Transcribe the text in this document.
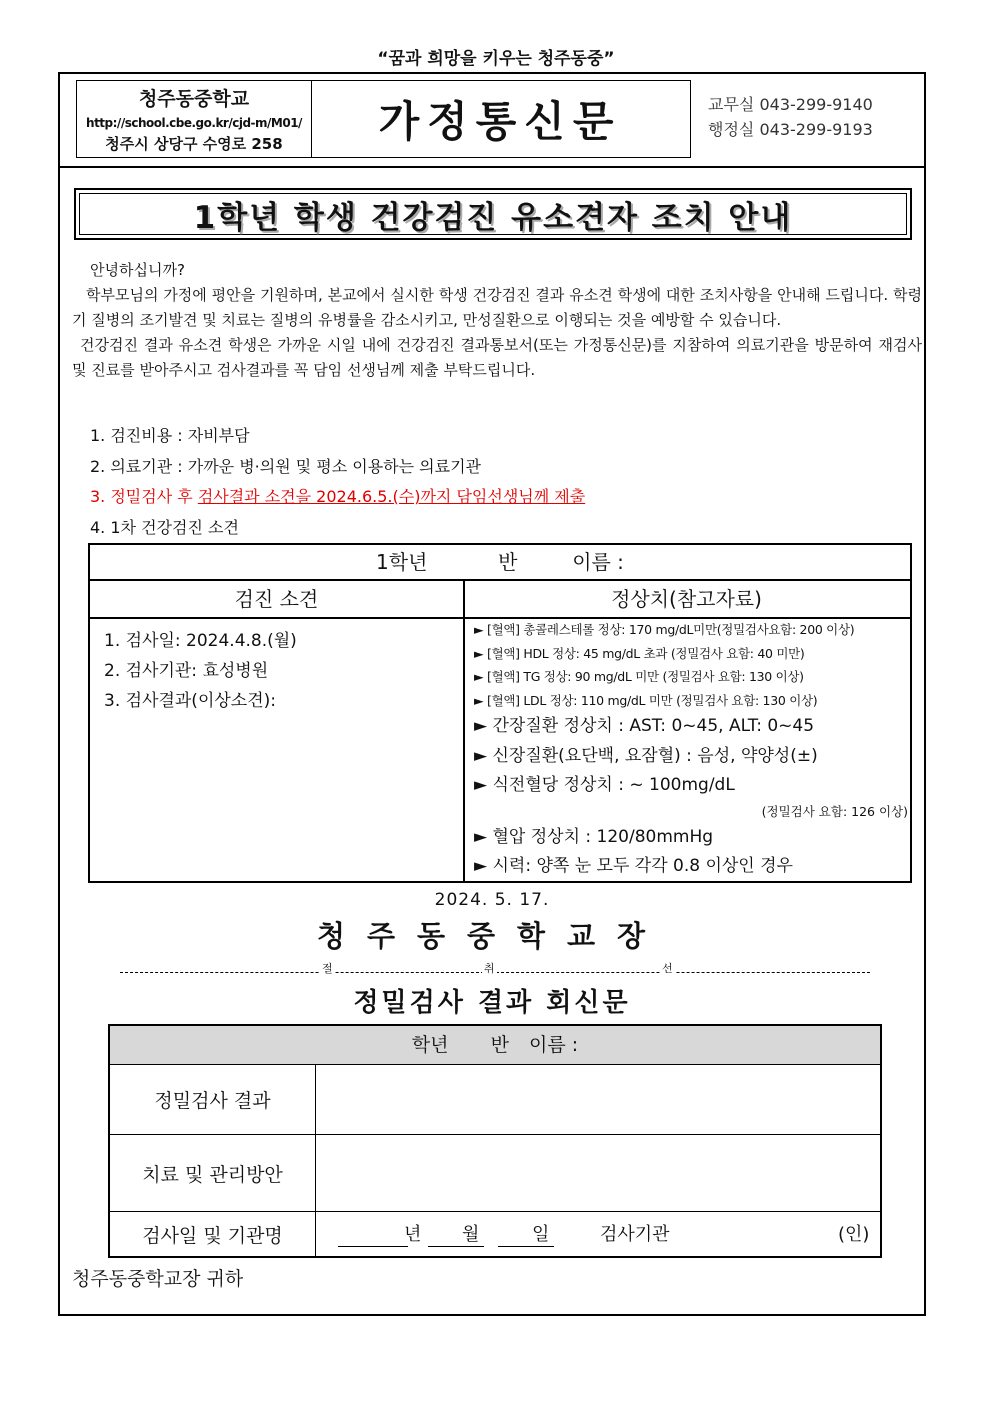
“꿈과 희망을 키우는 청주동중”
청주동중학교
http://school.cbe.go.kr/cjd-m/M01/
청주시 상당구 수영로 258	가정통신문	교무실 043-299-9140
행정실 043-299-9193
1학년 학생 건강검진 유소견자 조치 안내

안녕하십니까?

학부모님의 가정에 평안을 기원하며, 본교에서 실시한 학생 건강검진 결과 유소견 학생에 대한 조치사항을 안내해 드립니다. 학령기 질병의 조기발견 및 치료는 질병의 유병률을 감소시키고, 만성질환으로 이행되는 것을 예방할 수 있습니다.

건강검진 결과 유소견 학생은 가까운 시일 내에 건강검진 결과통보서(또는 가정통신문)를 지참하여 의료기관을 방문하여 재검사 및 진료를 받아주시고 검사결과를 꼭 담임 선생님께 제출 부탁드립니다.

1. 검진비용 : 자비부담
2. 의료기관 : 가까운 병·의원 및 평소 이용하는 의료기관
3. 정밀검사 후 검사결과 소견을 2024.6.5.(수)까지 담임선생님께 제출
4. 1차 건강검진 소견
1학년	반	이름 :
검진 소견	정상치(참고자료)
1. 검사일: 2024.4.8.(월)
2. 검사기관: 효성병원
3. 검사결과(이상소견):
► [혈액] 총콜레스테롤 정상: 170 mg/dL미만(정밀검사요함: 200 이상)
► [혈액] HDL 정상: 45 mg/dL 초과 (정밀검사 요함: 40 미만)
► [혈액] TG 정상: 90 mg/dL 미만 (정밀검사 요함: 130 이상)
► [혈액] LDL 정상: 110 mg/dL 미만 (정밀검사 요함: 130 이상)
► 간장질환 정상치 : AST: 0~45, ALT: 0~45
► 신장질환(요단백, 요잠혈) : 음성, 약양성(±)
► 식전혈당 정상치 : ~ 100mg/dL
(정밀검사 요함: 126 이상)
► 혈압 정상치 : 120/80mmHg
► 시력: 양쪽 눈 모두 각각 0.8 이상인 경우
2024. 5. 17.
청주동중학교장
절	취	선
정밀검사 결과 회신문
학년 반 이름 :
정밀검사 결과
치료 및 관리방안
검사일 및 기관명	년 월	일	검사기관	(인)
청주동중학교장 귀하
